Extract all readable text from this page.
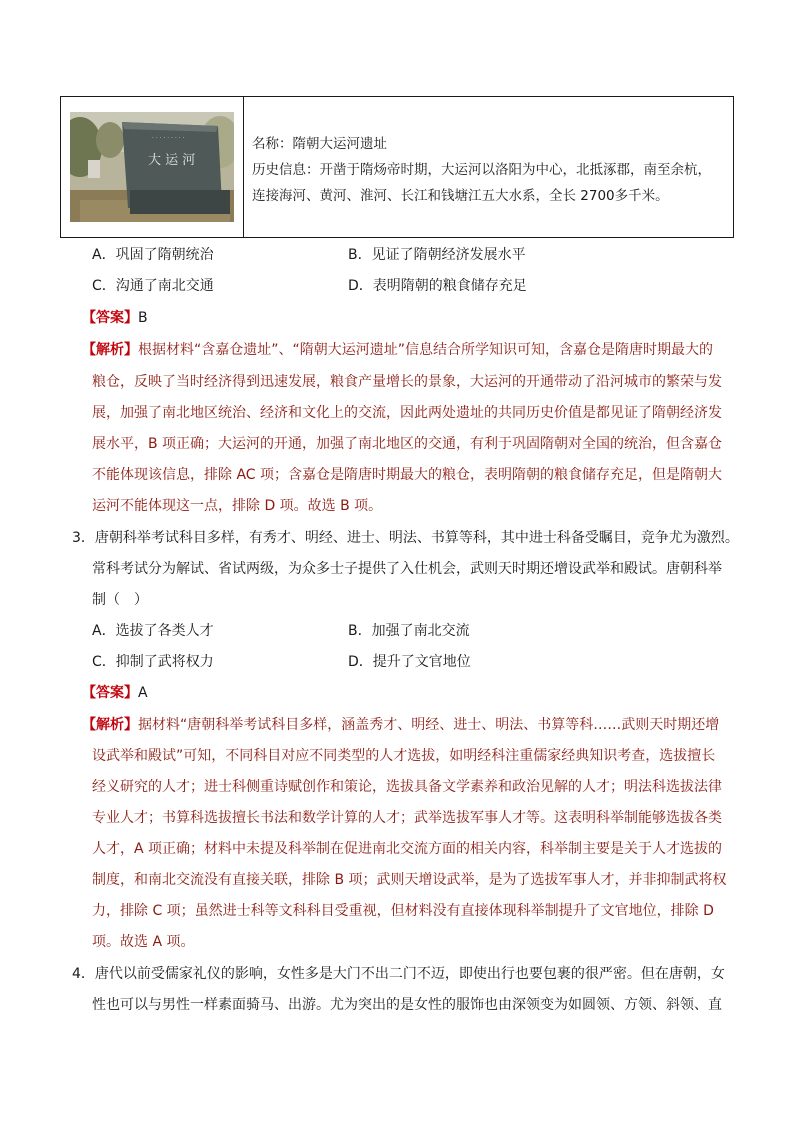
· · · · · · · · ·
大 运 河
名称：隋朝大运河遗址
历史信息：开凿于隋炀帝时期，大运河以洛阳为中心，北抵涿郡，南至余杭，
连接海河、黄河、淮河、长江和钱塘江五大水系，全长 2700多千米。
A．巩固了隋朝统治	B．见证了隋朝经济发展水平
C．沟通了南北交通	D．表明隋朝的粮食储存充足
【答案】B
【解析】根据材料“含嘉仓遗址”、“隋朝大运河遗址”信息结合所学知识可知，含嘉仓是隋唐时期最大的
粮仓，反映了当时经济得到迅速发展，粮食产量增长的景象，大运河的开通带动了沿河城市的繁荣与发
展，加强了南北地区统治、经济和文化上的交流，因此两处遗址的共同历史价值是都见证了隋朝经济发
展水平，B 项正确；大运河的开通，加强了南北地区的交通，有利于巩固隋朝对全国的统治，但含嘉仓
不能体现该信息，排除 AC 项；含嘉仓是隋唐时期最大的粮仓，表明隋朝的粮食储存充足，但是隋朝大
运河不能体现这一点，排除 D 项。故选 B 项。
3．唐朝科举考试科目多样，有秀才、明经、进士、明法、书算等科，其中进士科备受瞩目，竞争尤为激烈。
常科考试分为解试、省试两级，为众多士子提供了入仕机会，武则天时期还增设武举和殿试。唐朝科举
制（　）
A．选拔了各类人才	B．加强了南北交流
C．抑制了武将权力	D．提升了文官地位
【答案】A
【解析】据材料“唐朝科举考试科目多样，涵盖秀才、明经、进士、明法、书算等科……武则天时期还增
设武举和殿试”可知，不同科目对应不同类型的人才选拔，如明经科注重儒家经典知识考查，选拔擅长
经义研究的人才；进士科侧重诗赋创作和策论，选拔具备文学素养和政治见解的人才；明法科选拔法律
专业人才；书算科选拔擅长书法和数学计算的人才；武举选拔军事人才等。这表明科举制能够选拔各类
人才，A 项正确；材料中未提及科举制在促进南北交流方面的相关内容，科举制主要是关于人才选拔的
制度，和南北交流没有直接关联，排除 B 项；武则天增设武举，是为了选拔军事人才，并非抑制武将权
力，排除 C 项；虽然进士科等文科科目受重视，但材料没有直接体现科举制提升了文官地位，排除 D
项。故选 A 项。
4．唐代以前受儒家礼仪的影响，女性多是大门不出二门不迈，即使出行也要包裹的很严密。但在唐朝，女
性也可以与男性一样素面骑马、出游。尤为突出的是女性的服饰也由深领变为如圆领、方领、斜领、直
